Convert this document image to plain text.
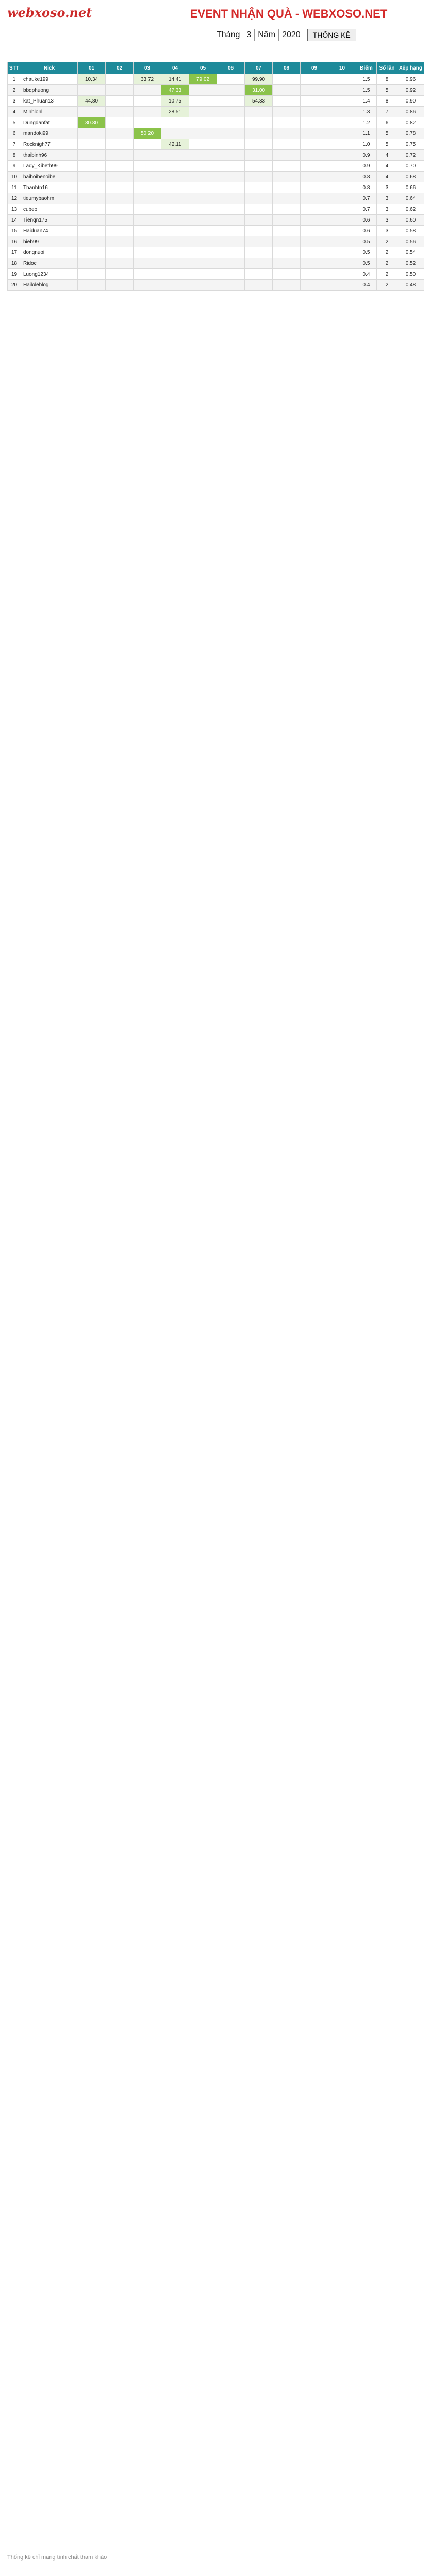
webxoso.net	EVENT NHẬN QUÀ - WEBXOSO.NET
Tháng 3 Năm 2020	THỐNG KÊ
STT	Nick	01	02	03	04	05	06	07	08	09	10	Điểm	Số lần	Xếp hạng
1	chauke199	10.34		33.72	14.41	79.02		99.90				1.5	8	0.96
2	bbqphuong				47.33			31.00				1.5	5	0.92
3	kat_Phuan13	44.80			10.75			54.33				1.4	8	0.90
4	Minhlonl				28.51							1.3	7	0.86
5	Dungdanfat	30.80										1.2	6	0.82
6	mandoki99			50.20								1.1	5	0.78
7	Rocknigh77				42.11							1.0	5	0.75
8	thaibinh96											0.9	4	0.72
9	Lady_Kibeth99											0.9	4	0.70
10	baihoibenoibe											0.8	4	0.68
11	Thanhtn16											0.8	3	0.66
12	tieumybaohm											0.7	3	0.64
13	cubeo											0.7	3	0.62
14	Tienqn175											0.6	3	0.60
15	Haiduan74											0.6	3	0.58
16	hieb99											0.5	2	0.56
17	dongnuoi											0.5	2	0.54
18	Ridoc											0.5	2	0.52
19	Luong1234											0.4	2	0.50
20	Hailoleblog											0.4	2	0.48
Thống kê chỉ mang tính chất tham khảo
